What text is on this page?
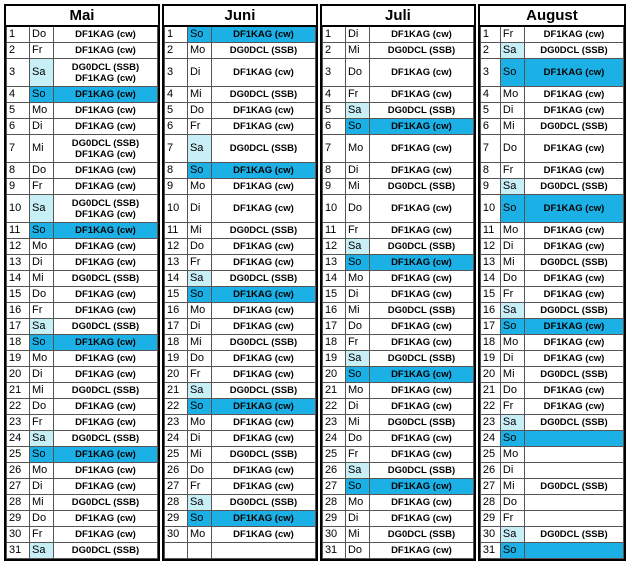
Mai		
1	Do	DF1KAG (cw)

2	Fr	DF1KAG (cw)

3	Sa	DG0DCL (SSB)
DF1KAG (cw)

4	So	DF1KAG (cw)

5	Mo	DF1KAG (cw)

6	Di	DF1KAG (cw)

7	Mi	DG0DCL (SSB)
DF1KAG (cw)

8	Do	DF1KAG (cw)

9	Fr	DF1KAG (cw)

10	Sa	DG0DCL (SSB)
DF1KAG (cw)

11	So	DF1KAG (cw)

12	Mo	DF1KAG (cw)

13	Di	DF1KAG (cw)

14	Mi	DG0DCL (SSB)

15	Do	DF1KAG (cw)

16	Fr	DF1KAG (cw)

17	Sa	DG0DCL (SSB)

18	So	DF1KAG (cw)

19	Mo	DF1KAG (cw)

20	Di	DF1KAG (cw)

21	Mi	DG0DCL (SSB)

22	Do	DF1KAG (cw)

23	Fr	DF1KAG (cw)

24	Sa	DG0DCL (SSB)

25	So	DF1KAG (cw)

26	Mo	DF1KAG (cw)

27	Di	DF1KAG (cw)

28	Mi	DG0DCL (SSB)

29	Do	DF1KAG (cw)

30	Fr	DF1KAG (cw)

31	Sa	DG0DCL (SSB)
Juni		
1	So	DF1KAG (cw)

2	Mo	DG0DCL (SSB)

3	Di	DF1KAG (cw)

4	Mi	DG0DCL (SSB)

5	Do	DF1KAG (cw)

6	Fr	DF1KAG (cw)

7	Sa	DG0DCL (SSB)

8	So	DF1KAG (cw)

9	Mo	DF1KAG (cw)

10	Di	DF1KAG (cw)

11	Mi	DG0DCL (SSB)

12	Do	DF1KAG (cw)

13	Fr	DF1KAG (cw)

14	Sa	DG0DCL (SSB)

15	So	DF1KAG (cw)

16	Mo	DF1KAG (cw)

17	Di	DF1KAG (cw)

18	Mi	DG0DCL (SSB)

19	Do	DF1KAG (cw)

20	Fr	DF1KAG (cw)

21	Sa	DG0DCL (SSB)

22	So	DF1KAG (cw)

23	Mo	DF1KAG (cw)

24	Di	DF1KAG (cw)

25	Mi	DG0DCL (SSB)

26	Do	DF1KAG (cw)

27	Fr	DF1KAG (cw)

28	Sa	DG0DCL (SSB)

29	So	DF1KAG (cw)

30	Mo	DF1KAG (cw)

Juli		
1	Di	DF1KAG (cw)

2	Mi	DG0DCL (SSB)

3	Do	DF1KAG (cw)

4	Fr	DF1KAG (cw)

5	Sa	DG0DCL (SSB)

6	So	DF1KAG (cw)

7	Mo	DF1KAG (cw)

8	Di	DF1KAG (cw)

9	Mi	DG0DCL (SSB)

10	Do	DF1KAG (cw)

11	Fr	DF1KAG (cw)

12	Sa	DG0DCL (SSB)

13	So	DF1KAG (cw)

14	Mo	DF1KAG (cw)

15	Di	DF1KAG (cw)

16	Mi	DG0DCL (SSB)

17	Do	DF1KAG (cw)

18	Fr	DF1KAG (cw)

19	Sa	DG0DCL (SSB)

20	So	DF1KAG (cw)

21	Mo	DF1KAG (cw)

22	Di	DF1KAG (cw)

23	Mi	DG0DCL (SSB)

24	Do	DF1KAG (cw)

25	Fr	DF1KAG (cw)

26	Sa	DG0DCL (SSB)

27	So	DF1KAG (cw)

28	Mo	DF1KAG (cw)

29	Di	DF1KAG (cw)

30	Mi	DG0DCL (SSB)

31	Do	DF1KAG (cw)
August		
1	Fr	DF1KAG (cw)

2	Sa	DG0DCL (SSB)

3	So	DF1KAG (cw)

4	Mo	DF1KAG (cw)

5	Di	DF1KAG (cw)

6	Mi	DG0DCL (SSB)

7	Do	DF1KAG (cw)

8	Fr	DF1KAG (cw)

9	Sa	DG0DCL (SSB)

10	So	DF1KAG (cw)

11	Mo	DF1KAG (cw)

12	Di	DF1KAG (cw)

13	Mi	DG0DCL (SSB)

14	Do	DF1KAG (cw)

15	Fr	DF1KAG (cw)

16	Sa	DG0DCL (SSB)

17	So	DF1KAG (cw)

18	Mo	DF1KAG (cw)

19	Di	DF1KAG (cw)

20	Mi	DG0DCL (SSB)

21	Do	DF1KAG (cw)

22	Fr	DF1KAG (cw)

23	Sa	DG0DCL (SSB)

24	So	
25	Mo	
26	Di	
27	Mi	DG0DCL (SSB)

28	Do	
29	Fr	
30	Sa	DG0DCL (SSB)

31	So	
